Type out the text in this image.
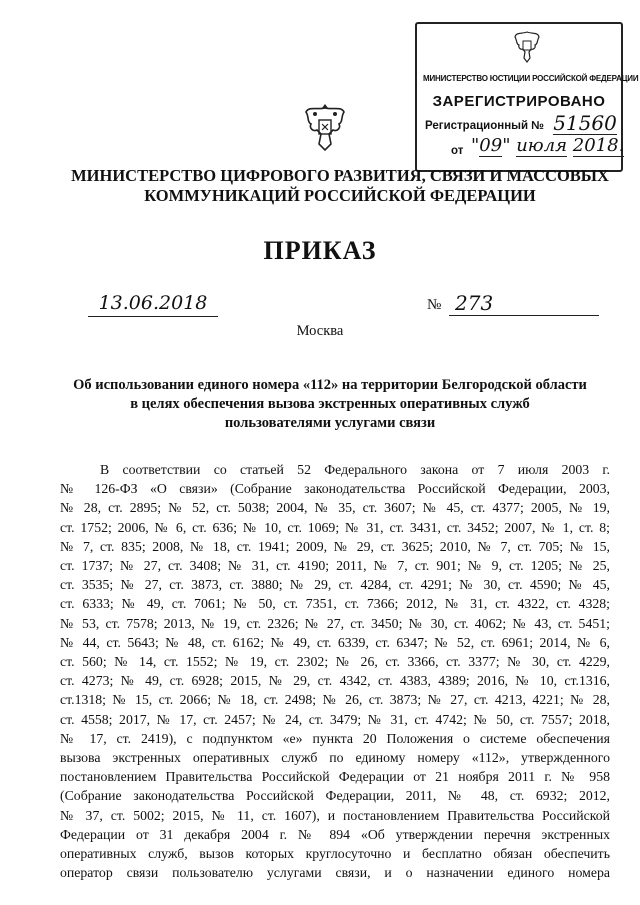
МИНИСТЕРСТВО ЮСТИЦИИ РОССИЙСКОЙ ФЕДЕРАЦИИ
ЗАРЕГИСТРИРОВАНО
Регистрационный № 51560
от "09" июля 2018.
МИНИСТЕРСТВО ЦИФРОВОГО РАЗВИТИЯ, СВЯЗИ И МАССОВЫХ
КОММУНИКАЦИЙ РОССИЙСКОЙ ФЕДЕРАЦИИ
ПРИКАЗ
13.06.2018	№ 273
Москва
Об использовании единого номера «112» на территории Белгородской области
в целях обеспечения вызова экстренных оперативных служб
пользователями услугами связи
В соответствии со статьей 52 Федерального закона от 7 июля 2003 г.
№ 126-ФЗ «О связи» (Собрание законодательства Российской Федерации, 2003,
№ 28, ст. 2895; № 52, ст. 5038; 2004, № 35, ст. 3607; № 45, ст. 4377; 2005, № 19,
ст. 1752; 2006, № 6, ст. 636; № 10, ст. 1069; № 31, ст. 3431, ст. 3452; 2007, № 1, ст. 8;
№ 7, ст. 835; 2008, № 18, ст. 1941; 2009, № 29, ст. 3625; 2010, № 7, ст. 705; № 15,
ст. 1737; № 27, ст. 3408; № 31, ст. 4190; 2011, № 7, ст. 901; № 9, ст. 1205; № 25,
ст. 3535; № 27, ст. 3873, ст. 3880; № 29, ст. 4284, ст. 4291; № 30, ст. 4590; № 45,
ст. 6333; № 49, ст. 7061; № 50, ст. 7351, ст. 7366; 2012, № 31, ст. 4322, ст. 4328;
№ 53, ст. 7578; 2013, № 19, ст. 2326; № 27, ст. 3450; № 30, ст. 4062; № 43, ст. 5451;
№ 44, ст. 5643; № 48, ст. 6162; № 49, ст. 6339, ст. 6347; № 52, ст. 6961; 2014, № 6,
ст. 560; № 14, ст. 1552; № 19, ст. 2302; № 26, ст. 3366, ст. 3377; № 30, ст. 4229,
ст. 4273; № 49, ст. 6928; 2015, № 29, ст. 4342, ст. 4383, 4389; 2016, № 10, ст.1316,
ст.1318; № 15, ст. 2066; № 18, ст. 2498; № 26, ст. 3873; № 27, ст. 4213, 4221; № 28,
ст. 4558; 2017, № 17, ст. 2457; № 24, ст. 3479; № 31, ст. 4742; № 50, ст. 7557; 2018,
№ 17, ст. 2419), с подпунктом «е» пункта 20 Положения о системе обеспечения
вызова экстренных оперативных служб по единому номеру «112», утвержденного
постановлением Правительства Российской Федерации от 21 ноября 2011 г. № 958
(Собрание законодательства Российской Федерации, 2011, № 48, ст. 6932; 2012,
№ 37, ст. 5002; 2015, № 11, ст. 1607), и постановлением Правительства Российской
Федерации от 31 декабря 2004 г. № 894 «Об утверждении перечня экстренных
оперативных служб, вызов которых круглосуточно и бесплатно обязан обеспечить
оператор связи пользователю услугами связи, и о назначении единого номера
